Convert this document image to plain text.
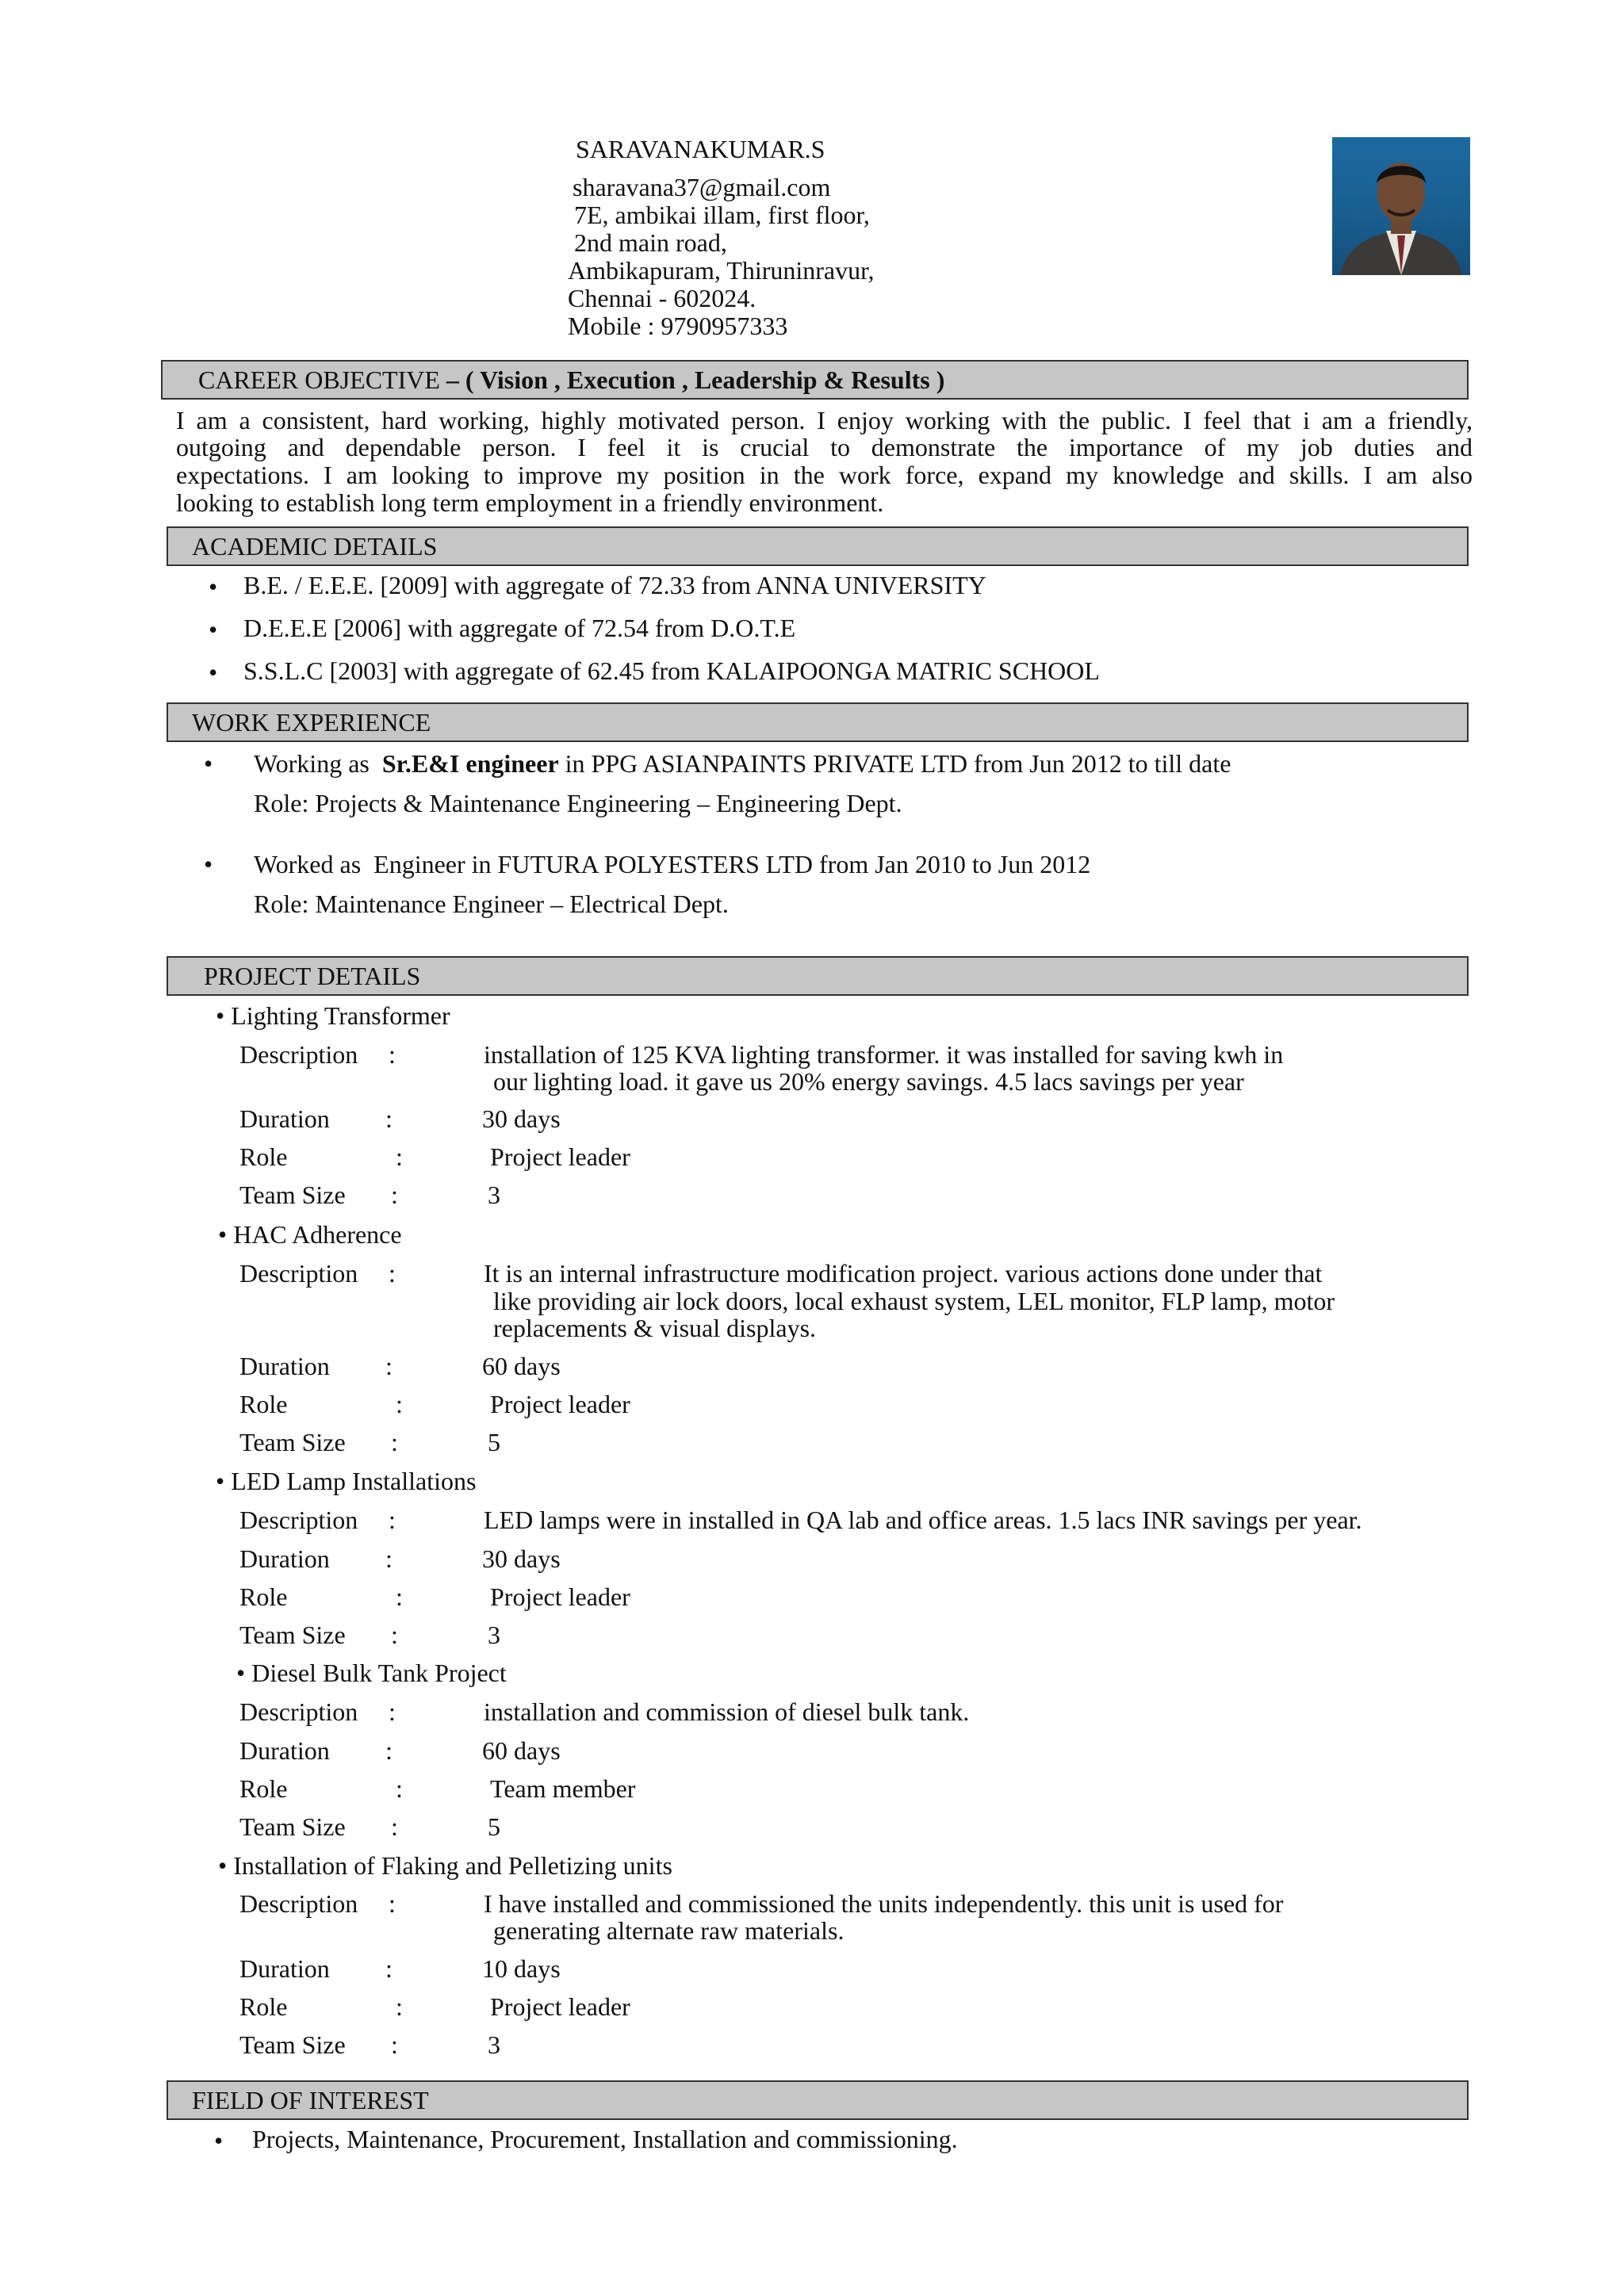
SARAVANAKUMAR.S
sharavana37@gmail.com
7E, ambikai illam, first floor,
2nd main road,
Ambikapuram, Thiruninravur,
Chennai - 602024.
Mobile : 9790957333
CAREER OBJECTIVE – ( Vision , Execution , Leadership & Results )
I am a consistent, hard working, highly motivated person. I enjoy working with the public. I feel that i am a friendly,
outgoing and dependable person. I feel it is crucial to demonstrate the importance of my job duties and
expectations. I am looking to improve my position in the work force, expand my knowledge and skills. I am also
looking to establish long term employment in a friendly environment.
ACADEMIC DETAILS
• B.E. / E.E.E. [2009] with aggregate of 72.33 from ANNA UNIVERSITY
• D.E.E.E [2006] with aggregate of 72.54 from D.O.T.E
• S.S.L.C [2003] with aggregate of 62.45 from KALAIPOONGA MATRIC SCHOOL
WORK EXPERIENCE
• Working as Sr.E&I engineer in PPG ASIANPAINTS PRIVATE LTD from Jun 2012 to till date
Role: Projects & Maintenance Engineering – Engineering Dept.
• Worked as Engineer in FUTURA POLYESTERS LTD from Jan 2010 to Jun 2012
Role: Maintenance Engineer – Electrical Dept.
PROJECT DETAILS
• Lighting Transformer
Description :	installation of 125 KVA lighting transformer. it was installed for saving kwh in
our lighting load. it gave us 20% energy savings. 4.5 lacs savings per year
Duration :	30 days
Role	:	Project leader
Team Size :	3
• HAC Adherence
Description :	It is an internal infrastructure modification project. various actions done under that
like providing air lock doors, local exhaust system, LEL monitor, FLP lamp, motor
replacements & visual displays.
Duration :	60 days
Role	:	Project leader
Team Size :	5
• LED Lamp Installations
Description :	LED lamps were in installed in QA lab and office areas. 1.5 lacs INR savings per year.
Duration :	30 days
Role	:	Project leader
Team Size :	3
• Diesel Bulk Tank Project
Description :	installation and commission of diesel bulk tank.
Duration :	60 days
Role	:	Team member
Team Size :	5
• Installation of Flaking and Pelletizing units
Description :	I have installed and commissioned the units independently. this unit is used for
generating alternate raw materials.
Duration :	10 days
Role	:	Project leader
Team Size :	3
FIELD OF INTEREST
• Projects, Maintenance, Procurement, Installation and commissioning.
